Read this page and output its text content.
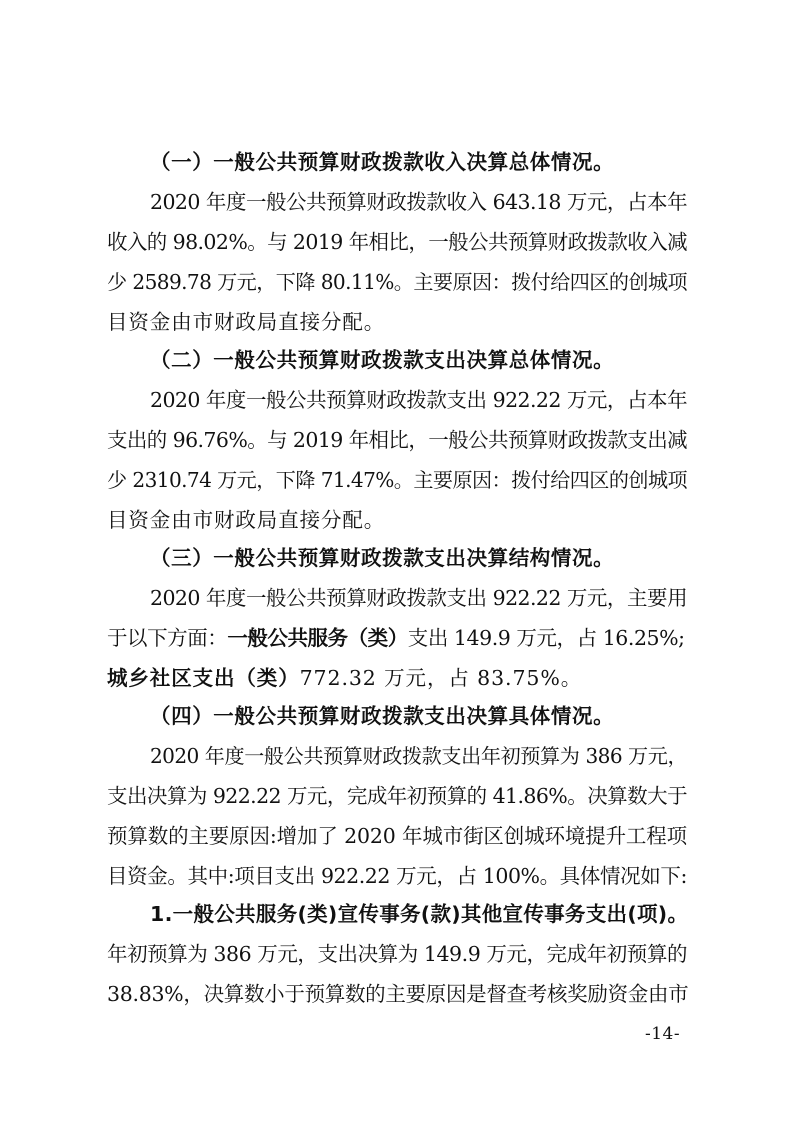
（一）一般公共预算财政拨款收入决算总体情况。
2020 年度一般公共预算财政拨款收入 643.18 万元，占本年
收入的 98.02%。与 2019 年相比，一般公共预算财政拨款收入减
少 2589.78 万元，下降 80.11%。主要原因：拨付给四区的创城项
目资金由市财政局直接分配。
（二）一般公共预算财政拨款支出决算总体情况。
2020 年度一般公共预算财政拨款支出 922.22 万元，占本年
支出的 96.76%。与 2019 年相比，一般公共预算财政拨款支出减
少 2310.74 万元，下降 71.47%。主要原因：拨付给四区的创城项
目资金由市财政局直接分配。
（三）一般公共预算财政拨款支出决算结构情况。
2020 年度一般公共预算财政拨款支出 922.22 万元，主要用
于以下方面：一般公共服务（类）支出 149.9 万元，占 16.25%;
城乡社区支出（类）772.32 万元，占 83.75%。
（四）一般公共预算财政拨款支出决算具体情况。
2020 年度一般公共预算财政拨款支出年初预算为 386 万元，
支出决算为 922.22 万元，完成年初预算的 41.86%。决算数大于
预算数的主要原因:增加了 2020 年城市街区创城环境提升工程项
目资金。其中:项目支出 922.22 万元，占 100%。具体情况如下:
1.一般公共服务(类)宣传事务(款)其他宣传事务支出(项)。
年初预算为 386 万元，支出决算为 149.9 万元，完成年初预算的
38.83%，决算数小于预算数的主要原因是督查考核奖励资金由市
-14-
